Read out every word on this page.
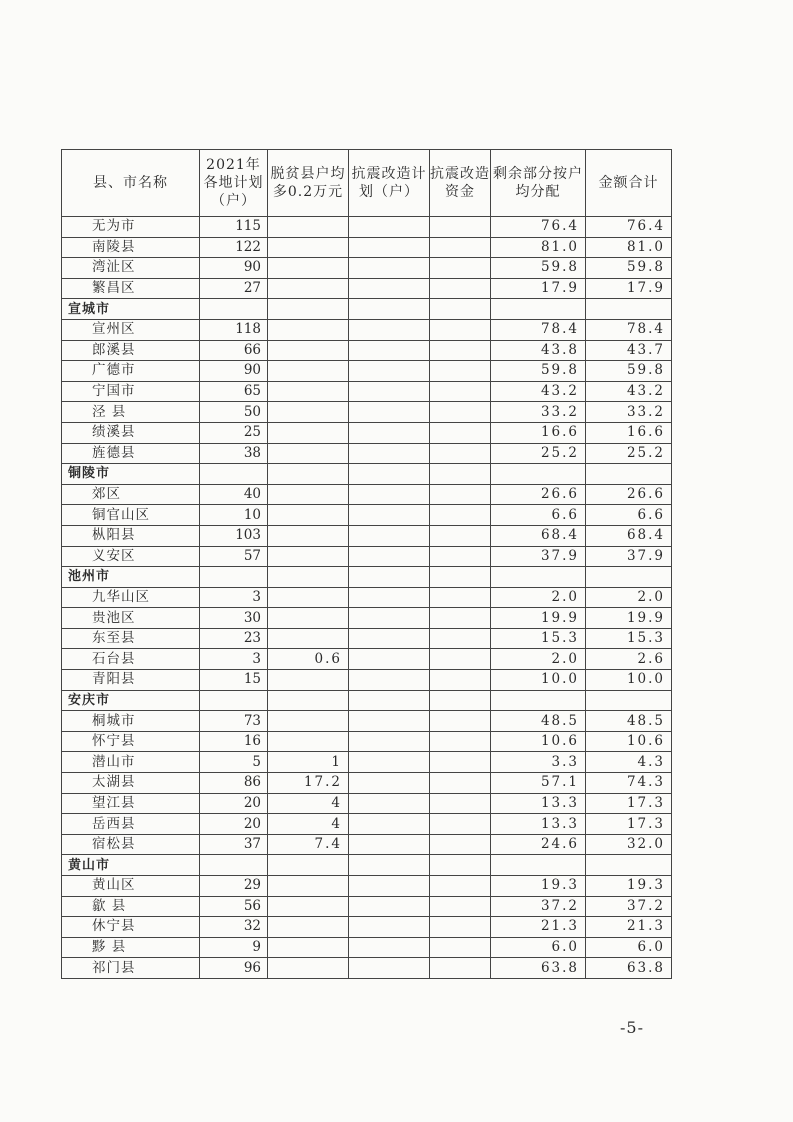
县、市名称	2021年各地计划（户）	脱贫县户均多0.2万元	抗震改造计划（户）	抗震改造资金	剩余部分按户均分配	金额合计
无为市	115				76.4	76.4
南陵县	122				81.0	81.0
湾沚区	90				59.8	59.8
繁昌区	27				17.9	17.9
宣城市						
宣州区	118				78.4	78.4
郎溪县	66				43.8	43.7
广德市	90				59.8	59.8
宁国市	65				43.2	43.2
泾 县	50				33.2	33.2
绩溪县	25				16.6	16.6
旌德县	38				25.2	25.2
铜陵市						
郊区	40				26.6	26.6
铜官山区	10				6.6	6.6
枞阳县	103				68.4	68.4
义安区	57				37.9	37.9
池州市						
九华山区	3				2.0	2.0
贵池区	30				19.9	19.9
东至县	23				15.3	15.3
石台县	3	0.6			2.0	2.6
青阳县	15				10.0	10.0
安庆市						
桐城市	73				48.5	48.5
怀宁县	16				10.6	10.6
潜山市	5	1			3.3	4.3
太湖县	86	17.2			57.1	74.3
望江县	20	4			13.3	17.3
岳西县	20	4			13.3	17.3
宿松县	37	7.4			24.6	32.0
黄山市						
黄山区	29				19.3	19.3
歙 县	56				37.2	37.2
休宁县	32				21.3	21.3
黟 县	9				6.0	6.0
祁门县	96				63.8	63.8
-5-
